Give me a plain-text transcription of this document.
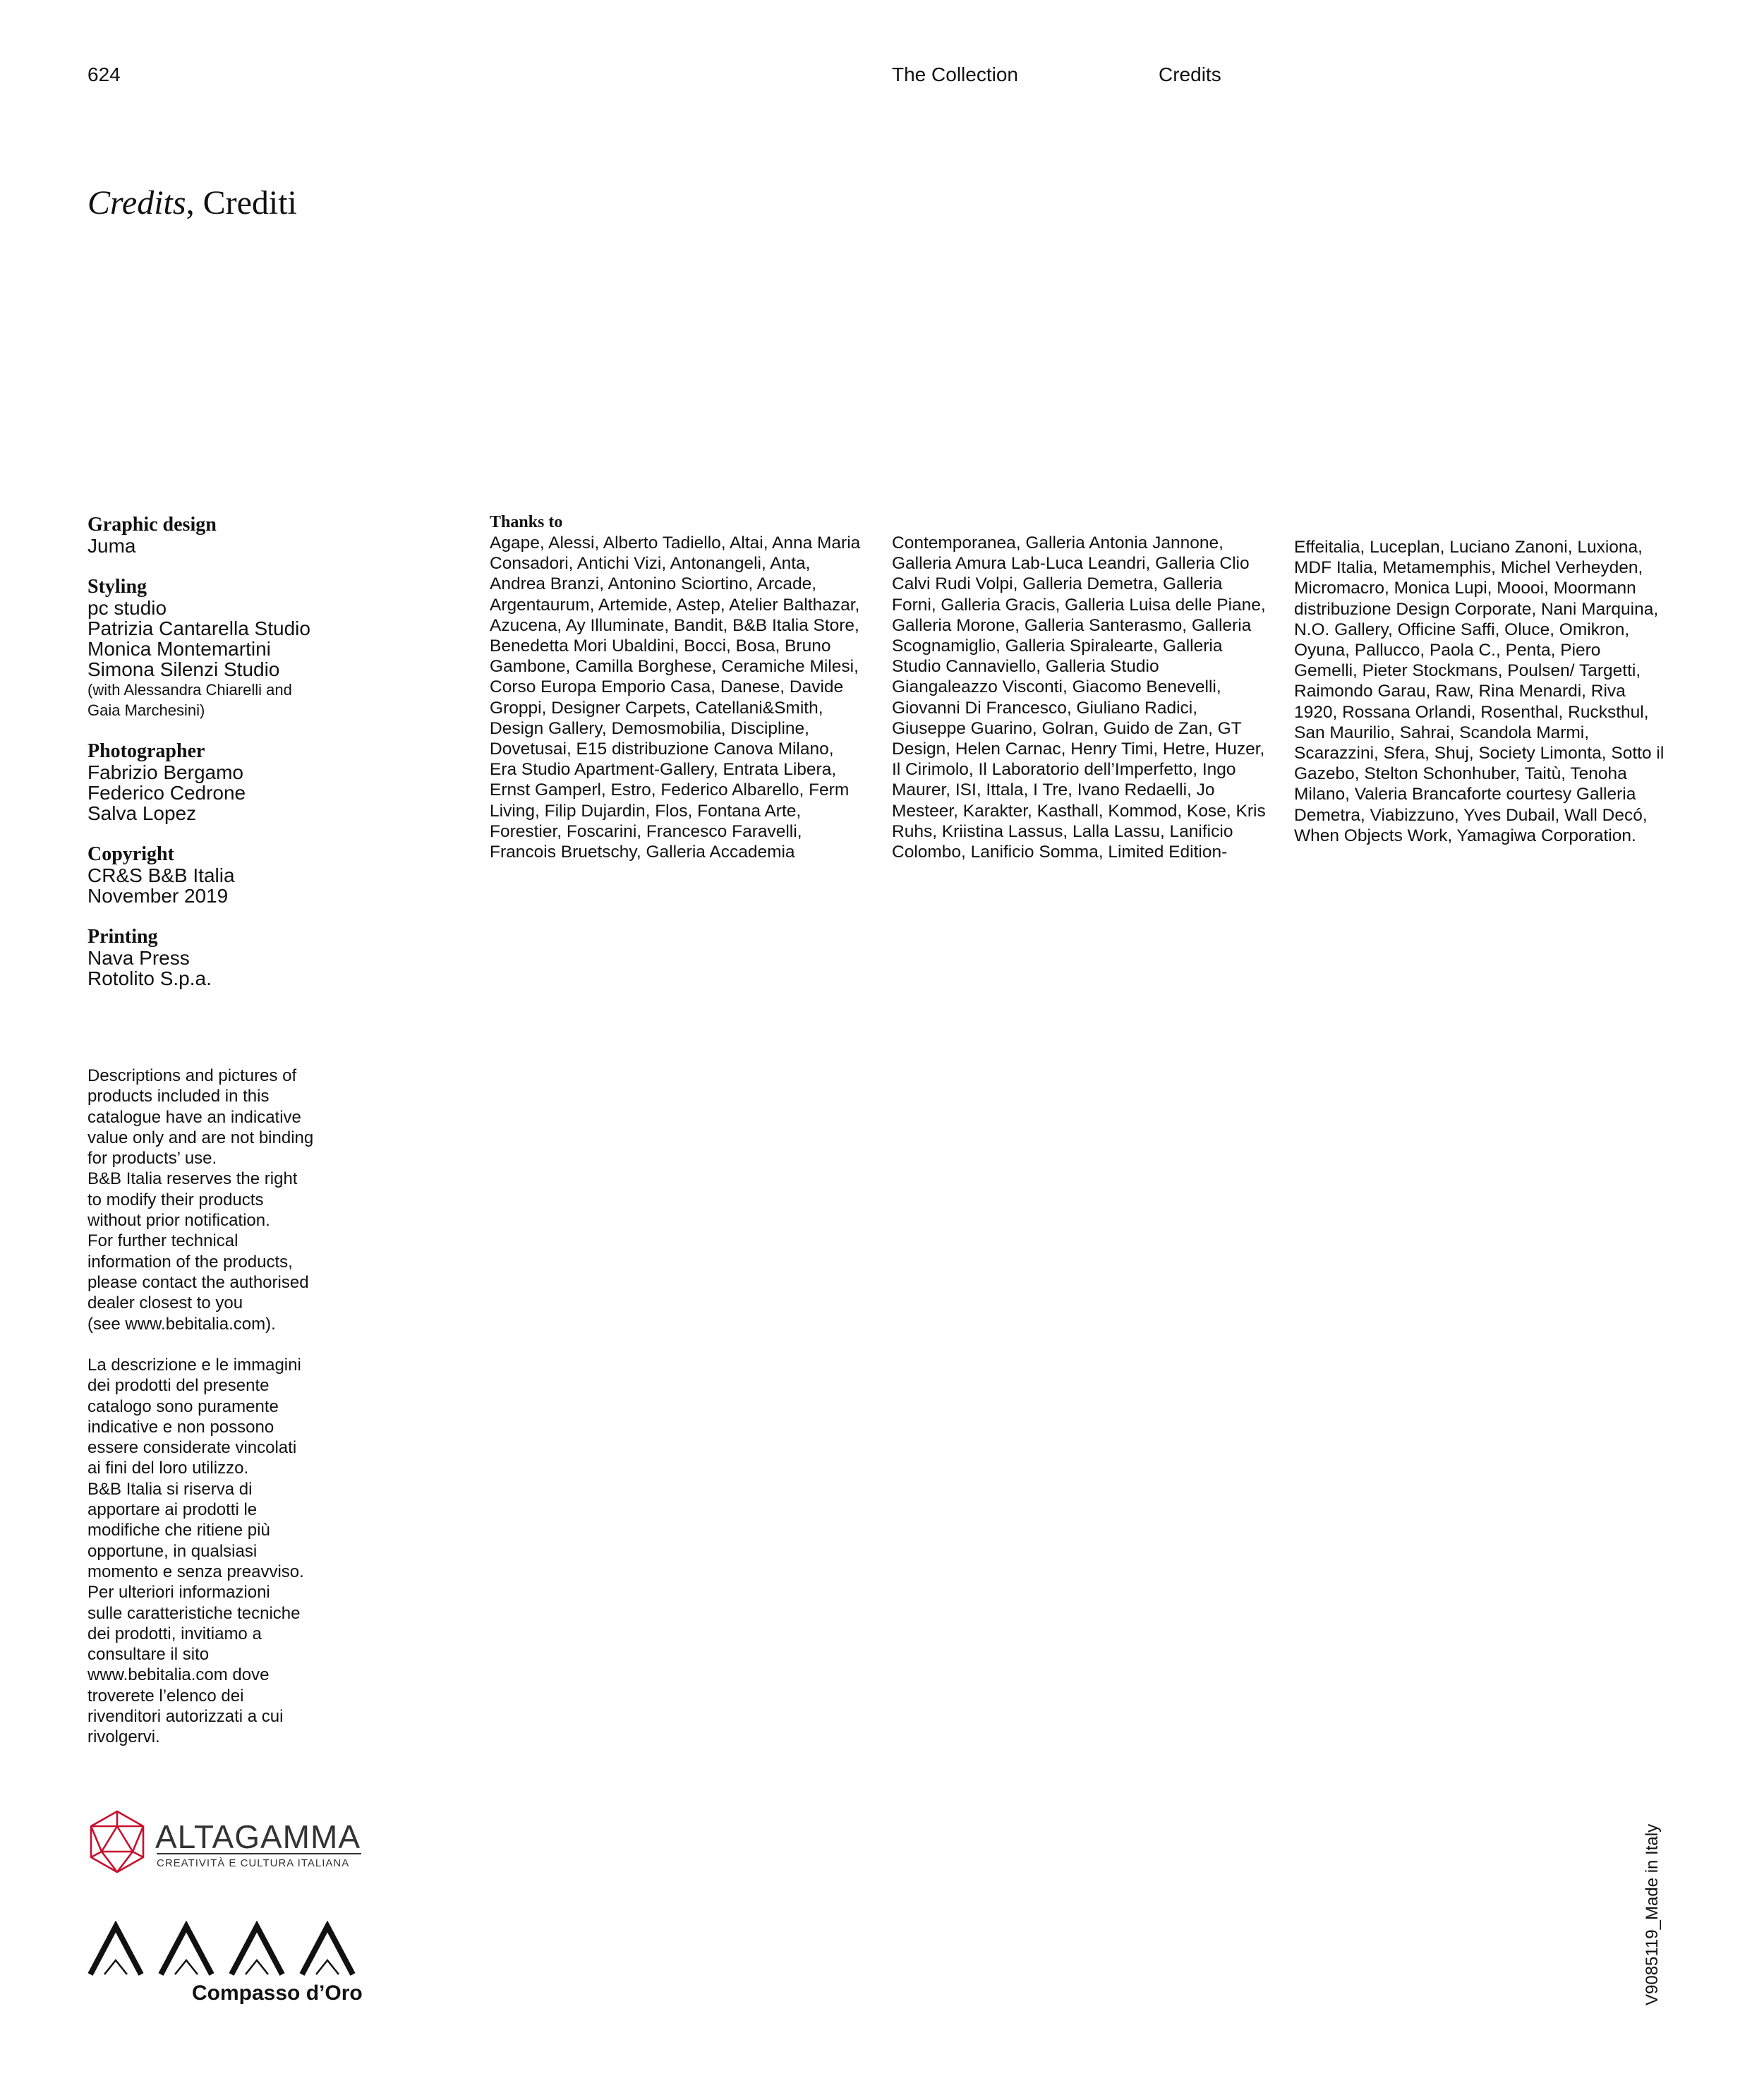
624	The Collection	Credits
Credits, Crediti
Graphic design
Juma
Styling
pc studio
Patrizia Cantarella Studio
Monica Montemartini
Simona Silenzi Studio
(with Alessandra Chiarelli and
Gaia Marchesini)
Photographer
Fabrizio Bergamo
Federico Cedrone
Salva Lopez
Copyright
CR&S B&B Italia
November 2019
Printing
Nava Press
Rotolito S.p.a.
Descriptions and pictures of
products included in this
catalogue have an indicative
value only and are not binding
for products’ use.
B&B Italia reserves the right
to modify their products
without prior notification.
For further technical
information of the products,
please contact the authorised
dealer closest to you
(see www.bebitalia.com).
La descrizione e le immagini
dei prodotti del presente
catalogo sono puramente
indicative e non possono
essere considerate vincolati
ai fini del loro utilizzo.
B&B Italia si riserva di
apportare ai prodotti le
modifiche che ritiene più
opportune, in qualsiasi
momento e senza preavviso.
Per ulteriori informazioni
sulle caratteristiche tecniche
dei prodotti, invitiamo a
consultare il sito
www.bebitalia.com dove
troverete l’elenco dei
rivenditori autorizzati a cui
rivolgervi.
Thanks to
Agape, Alessi, Alberto Tadiello, Altai, Anna Maria Consadori, Antichi Vizi, Antonangeli, Anta, Andrea Branzi, Antonino Sciortino, Arcade, Argentaurum, Artemide, Astep, Atelier Balthazar, Azucena, Ay Illuminate, Bandit, B&B Italia Store, Benedetta Mori Ubaldini, Bocci, Bosa, Bruno Gambone, Camilla Borghese, Ceramiche Milesi, Corso Europa Emporio Casa, Danese, Davide Groppi, Designer Carpets, Catellani&Smith, Design Gallery, Demosmobilia, Discipline, Dovetusai, E15 distribuzione Canova Milano, Era Studio Apartment-Gallery, Entrata Libera, Ernst Gamperl, Estro, Federico Albarello, Ferm Living, Filip Dujardin, Flos, Fontana Arte, Forestier, Foscarini, Francesco Faravelli, Francois Bruetschy, Galleria Accademia
Contemporanea, Galleria Antonia Jannone, Galleria Amura Lab-Luca Leandri, Galleria Clio Calvi Rudi Volpi, Galleria Demetra, Galleria Forni, Galleria Gracis, Galleria Luisa delle Piane, Galleria Morone, Galleria Santerasmo, Galleria Scognamiglio, Galleria Spiralearte, Galleria Studio Cannaviello, Galleria Studio Giangaleazzo Visconti, Giacomo Benevelli, Giovanni Di Francesco, Giuliano Radici, Giuseppe Guarino, Golran, Guido de Zan, GT Design, Helen Carnac, Henry Timi, Hetre, Huzer, Il Cirimolo, Il Laboratorio dell’Imperfetto, Ingo Maurer, ISI, Ittala, I Tre, Ivano Redaelli, Jo Mesteer, Karakter, Kasthall, Kommod, Kose, Kris Ruhs, Kriistina Lassus, Lalla Lassu, Lanificio Colombo, Lanificio Somma, Limited Edition-
Effeitalia, Luceplan, Luciano Zanoni, Luxiona, MDF Italia, Metamemphis, Michel Verheyden, Micromacro, Monica Lupi, Moooi, Moormann distribuzione Design Corporate, Nani Marquina, N.O. Gallery, Officine Saffi, Oluce, Omikron, Oyuna, Pallucco, Paola C., Penta, Piero Gemelli, Pieter Stockmans, Poulsen/ Targetti, Raimondo Garau, Raw, Rina Menardi, Riva 1920, Rossana Orlandi, Rosenthal, Rucksthul, San Maurilio, Sahrai, Scandola Marmi, Scarazzini, Sfera, Shuj, Society Limonta, Sotto il Gazebo, Stelton Schonhuber, Taitù, Tenoha Milano, Valeria Brancaforte courtesy Galleria Demetra, Viabizzuno, Yves Dubail, Wall Decó, When Objects Work, Yamagiwa Corporation.
ALTAGAMMA
CREATIVITÀ E CULTURA ITALIANA
Compasso d’Oro	V9085119_Made in Italy
